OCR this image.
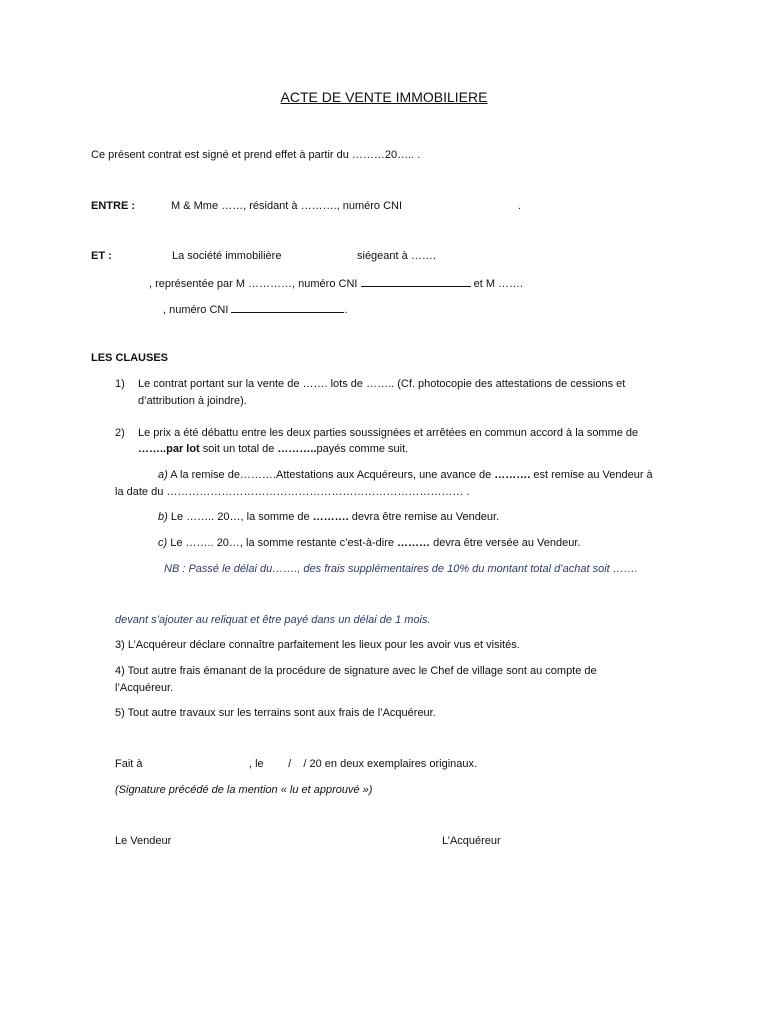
ACTE DE VENTE IMMOBILIERE
Ce présent contrat est signé et prend effet à partir du ………20….. .
ENTRE :	M & Mme ……, résidant à ………., numéro CNI	.
ET :	La société immobilière	siégeant à …….
, représentée par M …………, numéro CNI	et M …….
, numéro CNI	.
LES CLAUSES
1) Le contrat portant sur la vente de ……. lots de …….. (Cf. photocopie des attestations de cessions et
d’attribution à joindre).
2) Le prix a été débattu entre les deux parties soussignées et arrêtées en commun accord à la somme de
……..par lot soit un total de ………..payés comme suit.
a) A la remise de……….Attestations aux Acquéreurs, une avance de ………. est remise au Vendeur à
la date du ……………………………………………………………………… .
b) Le …….. 20…, la somme de ………. devra être remise au Vendeur.
c) Le …….. 20…, la somme restante c’est-à-dire ……… devra être versée au Vendeur.
NB : Passé le délai du……., des frais supplémentaires de 10% du montant total d’achat soit …….
devant s’ajouter au reliquat et être payé dans un délai de 1 mois.
3) L’Acquéreur déclare connaître parfaitement les lieux pour les avoir vus et visités.
4) Tout autre frais émanant de la procédure de signature avec le Chef de village sont au compte de
l’Acquéreur.
5) Tout autre travaux sur les terrains sont aux frais de l’Acquéreur.
Fait à	, le        /    / 20 en deux exemplaires originaux.
(Signature précédé de la mention « lu et approuvé »)
Le Vendeur	L’Acquéreur
